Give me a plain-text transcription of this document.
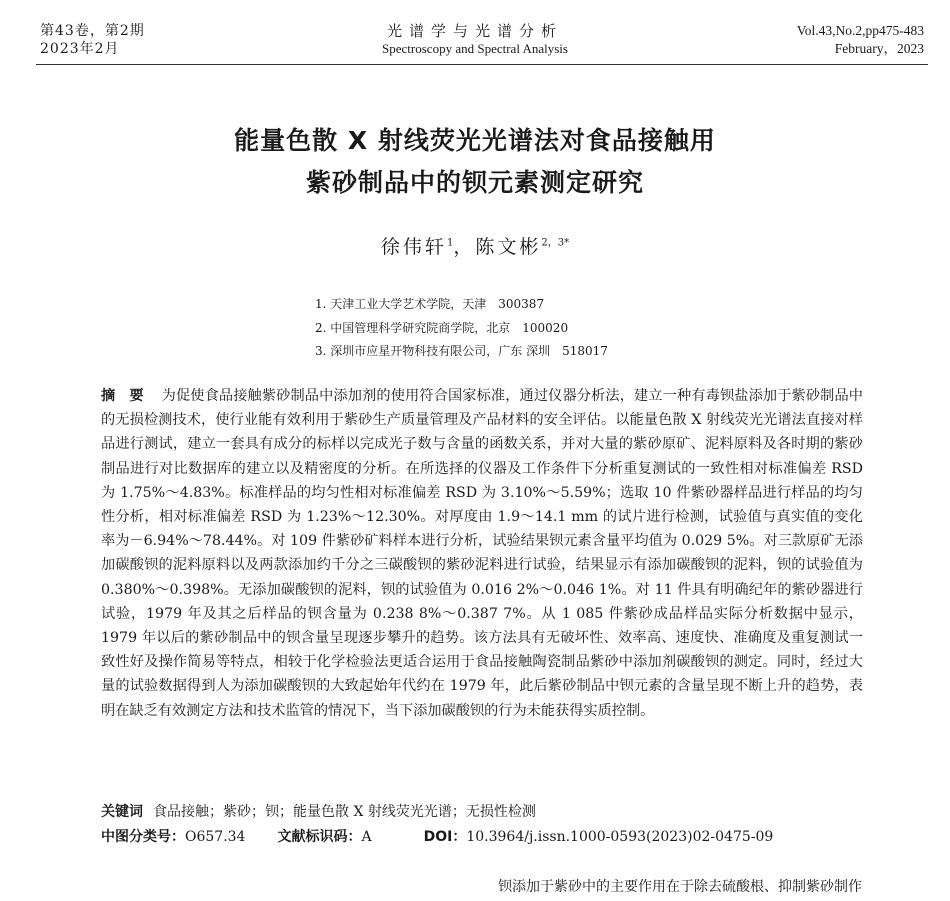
第43卷，第2期
2023年2月
光谱学与光谱分析
Spectroscopy and Spectral Analysis
Vol.43,No.2,pp475-483
February，2023
能量色散 X 射线荧光光谱法对食品接触用
紫砂制品中的钡元素测定研究
徐伟轩$^1$，陈文彬$^{2,3*}$
1. 天津工业大学艺术学院，天津　300387
2. 中国管理科学研究院商学院，北京　100020
3. 深圳市应星开物科技有限公司，广东 深圳　518017
摘要 为促使食品接触紫砂制品中添加剂的使用符合国家标准，通过仪器分析法，建立一种有毒钡盐添加于紫砂制品中的无损检测技术，使行业能有效利用于紫砂生产质量管理及产品材料的安全评估。以能量色散 X 射线荧光光谱法直接对样品进行测试，建立一套具有成分的标样以完成光子数与含量的函数关系，并对大量的紫砂原矿、泥料原料及各时期的紫砂制品进行对比数据库的建立以及精密度的分析。在所选择的仪器及工作条件下分析重复测试的一致性相对标准偏差 RSD 为 1.75%～4.83%。标准样品的均匀性相对标准偏差 RSD 为 3.10%～5.59%；选取 10 件紫砂器样品进行样品的均匀性分析，相对标准偏差 RSD 为 1.23%～12.30%。对厚度由 1.9～14.1 mm 的试片进行检测，试验值与真实值的变化率为－6.94%～78.44%。对 109 件紫砂矿料样本进行分析，试验结果钡元素含量平均值为 0.029 5%。对三款原矿无添加碳酸钡的泥料原料以及两款添加约千分之三碳酸钡的紫砂泥料进行试验，结果显示有添加碳酸钡的泥料，钡的试验值为 0.380%～0.398%。无添加碳酸钡的泥料，钡的试验值为 0.016 2%～0.046 1%。对 11 件具有明确纪年的紫砂器进行试验，1979 年及其之后样品的钡含量为 0.238 8%～0.387 7%。从 1 085 件紫砂成品样品实际分析数据中显示，1979 年以后的紫砂制品中的钡含量呈现逐步攀升的趋势。该方法具有无破坏性、效率高、速度快、准确度及重复测试一致性好及操作简易等特点，相较于化学检验法更适合运用于食品接触陶瓷制品紫砂中添加剂碳酸钡的测定。同时，经过大量的试验数据得到人为添加碳酸钡的大致起始年代约在 1979 年，此后紫砂制品中钡元素的含量呈现不断上升的趋势，表明在缺乏有效测定方法和技术监管的情况下，当下添加碳酸钡的行为未能获得实质控制。
关键词 食品接触；紫砂；钡；能量色散 X 射线荧光光谱；无损性检测
中图分类号：O657.34 文献标识码：A	DOI：10.3964/j.issn.1000-0593(2023)02-0475-09
钡添加于紫砂中的主要作用在于除去硫酸根、抑制紫砂制作
